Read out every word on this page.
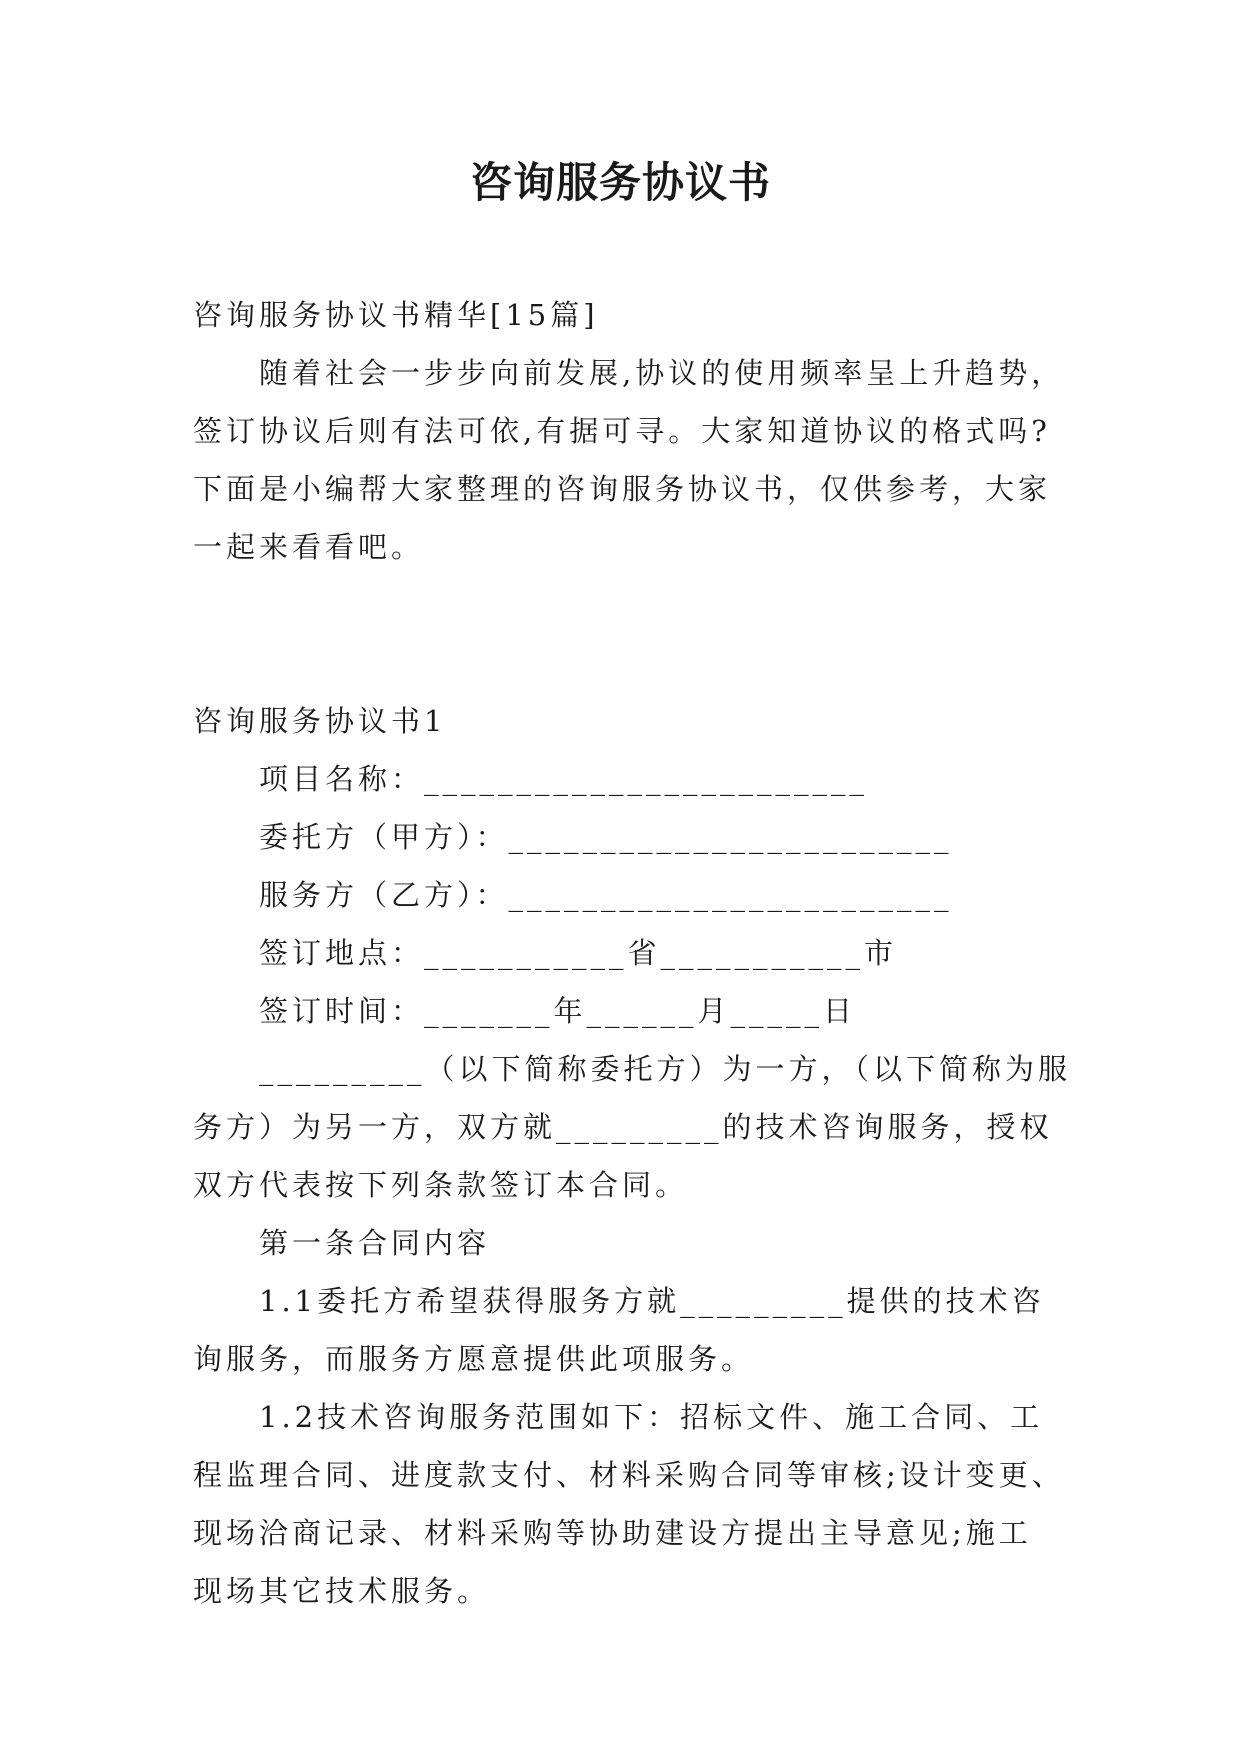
咨询服务协议书
咨询服务协议书精华[15篇]
随着社会一步步向前发展,协议的使用频率呈上升趋势，
签订协议后则有法可依,有据可寻。大家知道协议的格式吗?
下面是小编帮大家整理的咨询服务协议书，仅供参考，大家
一起来看看吧。
咨询服务协议书1
项目名称：________________________
委托方（甲方）：________________________
服务方（乙方）：________________________
签订地点：___________省___________市
签订时间：_______年______月_____日
_________（以下简称委托方）为一方，（以下简称为服
务方）为另一方，双方就_________的技术咨询服务，授权
双方代表按下列条款签订本合同。
第一条合同内容
1.1委托方希望获得服务方就_________提供的技术咨
询服务，而服务方愿意提供此项服务。
1.2技术咨询服务范围如下：招标文件、施工合同、工
程监理合同、进度款支付、材料采购合同等审核;设计变更、
现场洽商记录、材料采购等协助建设方提出主导意见;施工
现场其它技术服务。
